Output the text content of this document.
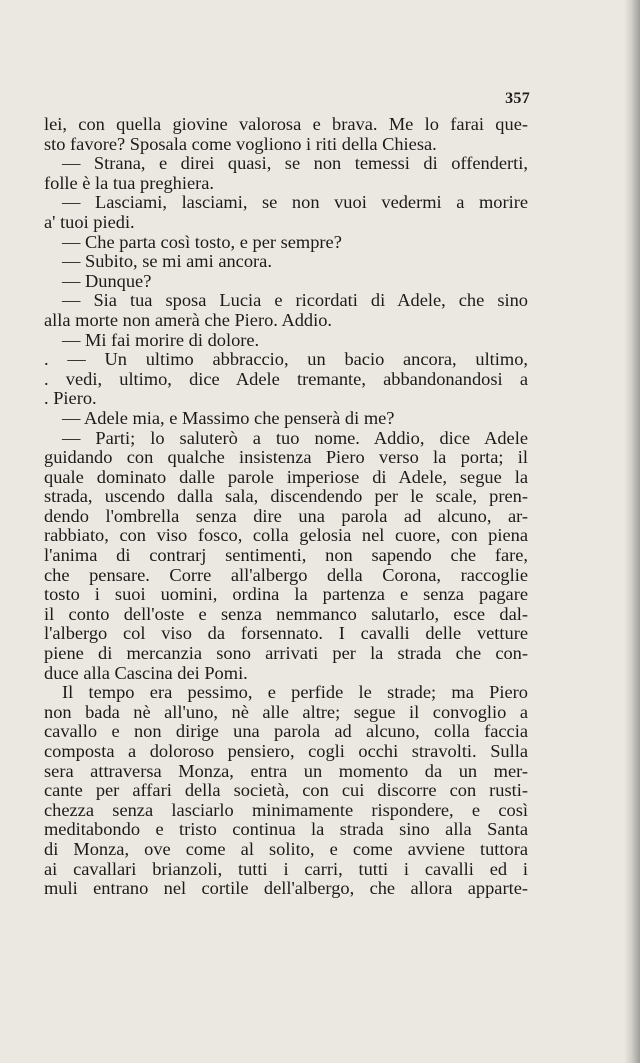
357

lei, con quella giovine valorosa e brava. Me lo farai que-
sto favore? Sposala come vogliono i riti della Chiesa.
— Strana, e direi quasi, se non temessi di offenderti,
folle è la tua preghiera.
— Lasciami, lasciami, se non vuoi vedermi a morire
a' tuoi piedi.
— Che parta così tosto, e per sempre?
— Subito, se mi ami ancora.
— Dunque?
— Sia tua sposa Lucia e ricordati di Adele, che sino
alla morte non amerà che Piero. Addio.
— Mi fai morire di dolore.
. — Un ultimo abbraccio, un bacio ancora, ultimo,
. vedi, ultimo, dice Adele tremante, abbandonandosi a
. Piero.
— Adele mia, e Massimo che penserà di me?
— Parti; lo saluterò a tuo nome. Addio, dice Adele
guidando con qualche insistenza Piero verso la porta; il
quale dominato dalle parole imperiose di Adele, segue la
strada, uscendo dalla sala, discendendo per le scale, pren-
dendo l'ombrella senza dire una parola ad alcuno, ar-
rabbiato, con viso fosco, colla gelosia nel cuore, con piena
l'anima di contrarj sentimenti, non sapendo che fare,
che pensare. Corre all'albergo della Corona, raccoglie
tosto i suoi uomini, ordina la partenza e senza pagare
il conto dell'oste e senza nemmanco salutarlo, esce dal-
l'albergo col viso da forsennato. I cavalli delle vetture
piene di mercanzia sono arrivati per la strada che con-
duce alla Cascina dei Pomi.
Il tempo era pessimo, e perfide le strade; ma Piero
non bada nè all'uno, nè alle altre; segue il convoglio a
cavallo e non dirige una parola ad alcuno, colla faccia
composta a doloroso pensiero, cogli occhi stravolti. Sulla
sera attraversa Monza, entra un momento da un mer-
cante per affari della società, con cui discorre con rusti-
chezza senza lasciarlo minimamente rispondere, e così
meditabondo e tristo continua la strada sino alla Santa
di Monza, ove come al solito, e come avviene tuttora
ai cavallari brianzoli, tutti i carri, tutti i cavalli ed i
muli entrano nel cortile dell'albergo, che allora apparte-
